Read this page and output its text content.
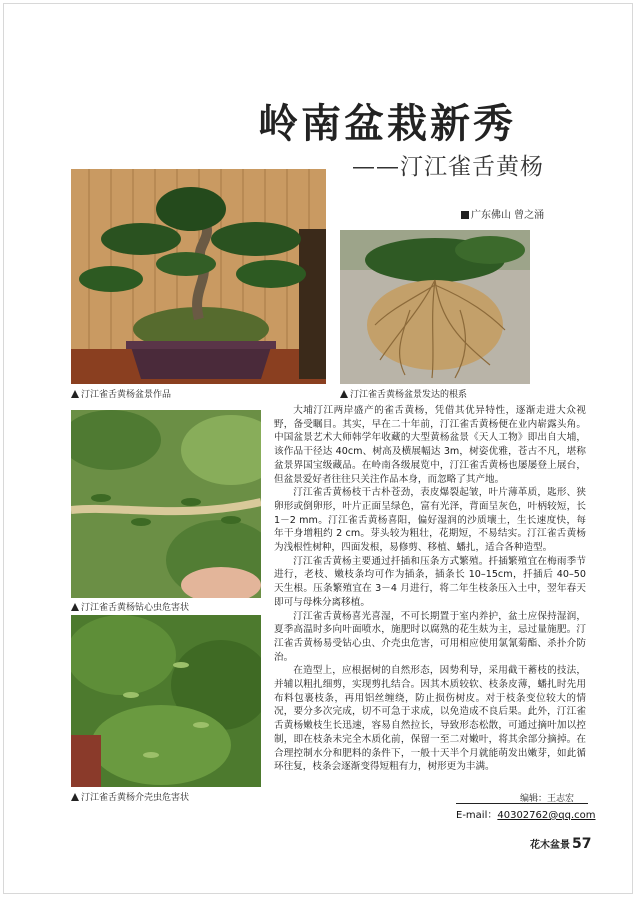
岭南盆栽新秀
——汀江雀舌黄杨
广东佛山 曾之涌
汀江雀舌黄杨盆景作品	汀江雀舌黄杨盆景发达的根系
汀江雀舌黄杨钻心虫危害状
汀江雀舌黄杨介壳虫危害状

大埔汀江两岸盛产的雀舌黄杨，凭借其优异特性，逐渐走进大众视野，备受瞩目。其实，早在二十年前，汀江雀舌黄杨便在业内崭露头角。中国盆景艺术大师韩学年收藏的大型黄杨盆景《天人工物》即出自大埔，该作品干径达 40cm、树高及横展幅达 3m，树姿优雅，苍古不凡，堪称盆景界国宝级藏品。在岭南各级展览中，汀江雀舌黄杨也屡屡登上展台，但盆景爱好者往往只关注作品本身，而忽略了其产地。

汀江雀舌黄杨枝干古朴苍劲，表皮爆裂起皱，叶片薄革质，匙形、狭卵形或倒卵形，叶片正面呈绿色，富有光泽，背面呈灰色，叶柄较短，长 1－2 mm。汀江雀舌黄杨喜阳，偏好湿润的沙质壤土，生长速度快，每年干身增粗约 2 cm。芽头较为粗壮，花期短，不易结实。汀江雀舌黄杨为浅根性树种，四面发根，易修剪、移植、蟠扎，适合各种造型。

汀江雀舌黄杨主要通过扦插和压条方式繁殖。扦插繁殖宜在梅雨季节进行，老枝、嫩枝条均可作为插条，插条长 10–15cm，扦插后 40–50 天生根。压条繁殖宜在 3－4 月进行，将二年生枝条压入土中，翌年春天即可与母株分离移植。

汀江雀舌黄杨喜光喜湿，不可长期置于室内养护，盆土应保持湿润，夏季高温时多向叶面喷水，施肥时以腐熟的花生麸为主，忌过量施肥。汀江雀舌黄杨易受钻心虫、介壳虫危害，可用相应使用氯氰菊酯、杀扑介防治。

在造型上，应根据树的自然形态，因势利导，采用截干蓄枝的技法，并辅以粗扎细剪，实现剪扎结合。因其木质较软、枝条皮薄，蟠扎时先用布料包裹枝条，再用铝丝缠绕，防止损伤树皮。对于枝条变位较大的情况，要分多次完成，切不可急于求成，以免造成不良后果。此外，汀江雀舌黄杨嫩枝生长迅速，容易自然拉长，导致形态松散，可通过摘叶加以控制，即在枝条未完全木质化前，保留一至二对嫩叶，将其余部分摘掉。在合理控制水分和肥料的条件下，一般十天半个月就能萌发出嫩芽，如此循环往复，枝条会逐渐变得短粗有力，树形更为丰满。

编辑：王志宏
E-mail：40302762@qq.com
花木盆景 57
